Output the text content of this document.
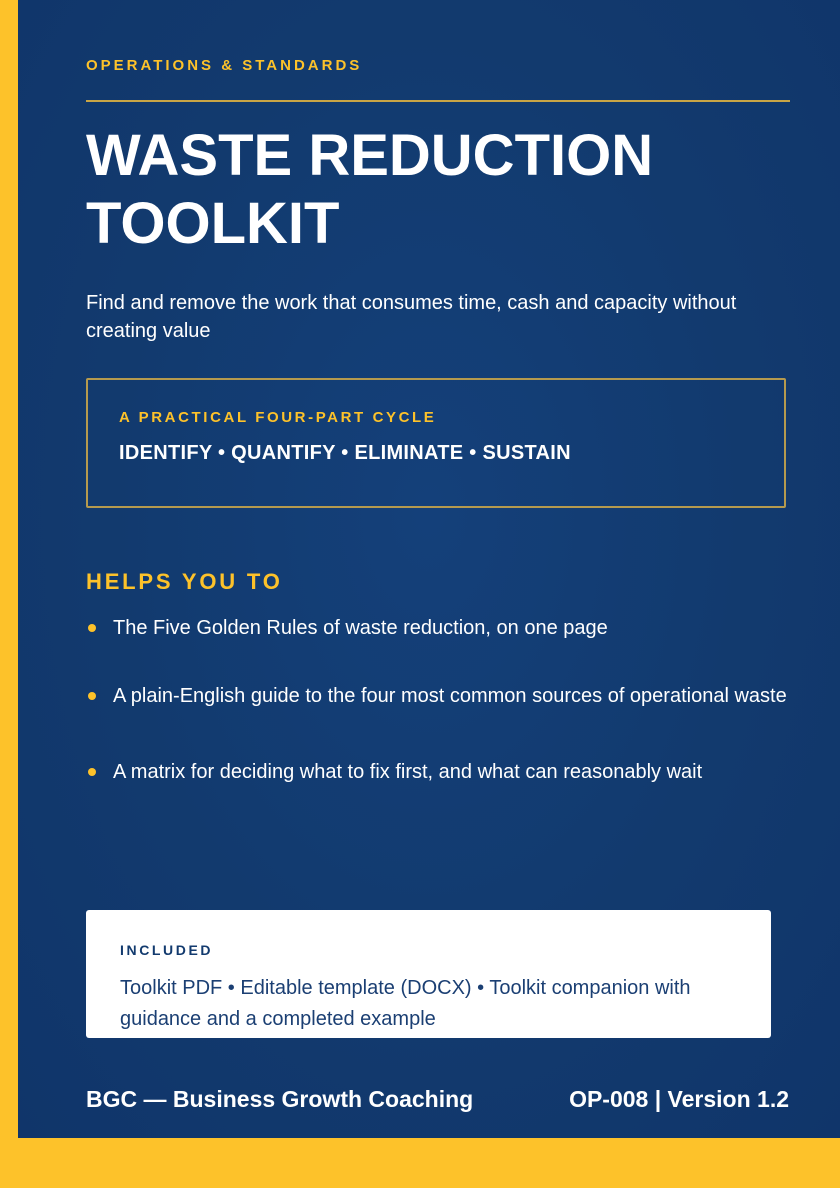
OPERATIONS & STANDARDS
WASTE REDUCTION
TOOLKIT
Find and remove the work that consumes time, cash and capacity without creating value
A PRACTICAL FOUR-PART CYCLE
IDENTIFY • QUANTIFY • ELIMINATE • SUSTAIN
HELPS YOU TO
The Five Golden Rules of waste reduction, on one page
A plain-English guide to the four most common sources of operational waste
A matrix for deciding what to fix first, and what can reasonably wait
BGC — Business Growth Coaching	OP-008 | Version 1.2
INCLUDED
Toolkit PDF • Editable template (DOCX) • Toolkit companion with guidance and a completed example
